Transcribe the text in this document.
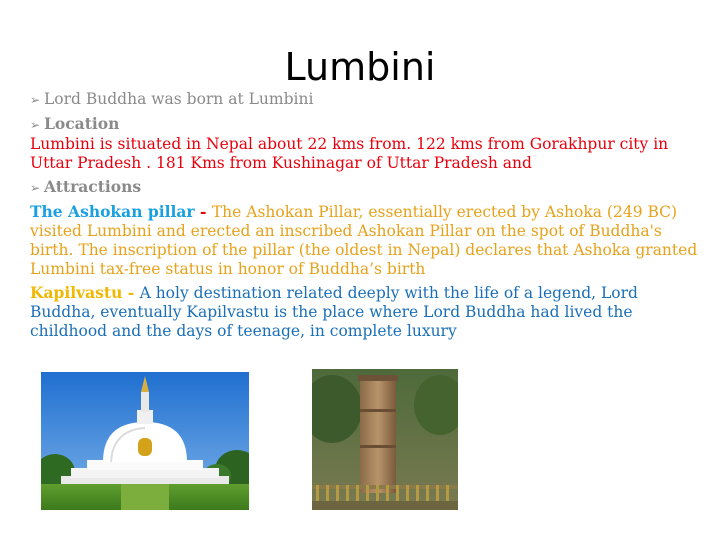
Lumbini
➢ Lord Buddha was born at Lumbini
➢ Location
Lumbini is situated in Nepal about 22 kms from. 122 kms from Gorakhpur city in Uttar Pradesh . 181 Kms from Kushinagar of Uttar Pradesh and
➢ Attractions
The Ashokan pillar - The Ashokan Pillar, essentially erected by Ashoka (249 BC) visited Lumbini and erected an inscribed Ashokan Pillar on the spot of Buddha's birth. The inscription of the pillar (the oldest in Nepal) declares that Ashoka granted Lumbini tax-free status in honor of Buddha’s birth
Kapilvastu - A holy destination related deeply with the life of a legend, Lord Buddha, eventually Kapilvastu is the place where Lord Buddha had lived the childhood and the days of teenage, in complete luxury
